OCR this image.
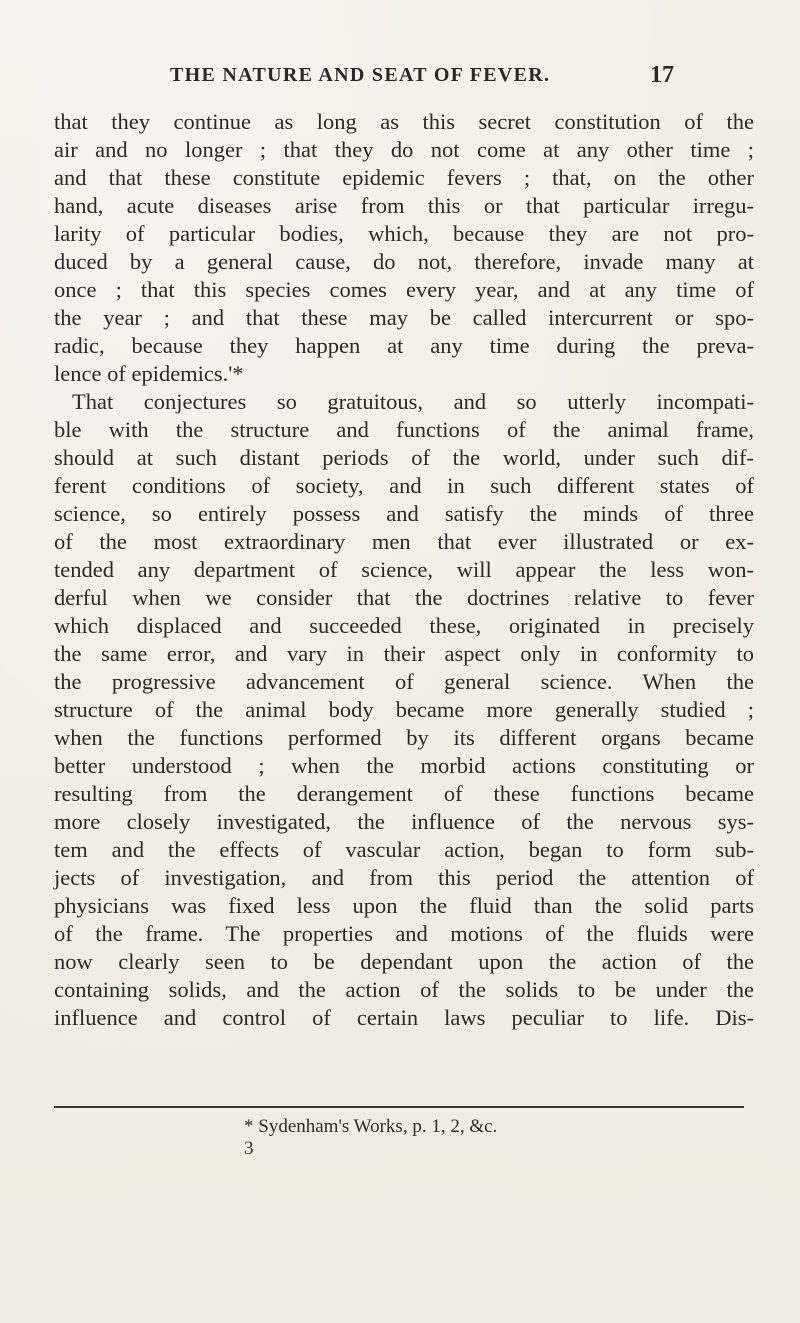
THE NATURE AND SEAT OF FEVER.	17
that they continue as long as this secret constitution of the
air and no longer ; that they do not come at any other time ;
and that these constitute epidemic fevers ; that, on the other
hand, acute diseases arise from this or that particular irregu-
larity of particular bodies, which, because they are not pro-
duced by a general cause, do not, therefore, invade many at
once ; that this species comes every year, and at any time of
the year ; and that these may be called intercurrent or spo-
radic, because they happen at any time during the preva-
lence of epidemics.'*
That conjectures so gratuitous, and so utterly incompati-
ble with the structure and functions of the animal frame,
should at such distant periods of the world, under such dif-
ferent conditions of society, and in such different states of
science, so entirely possess and satisfy the minds of three
of the most extraordinary men that ever illustrated or ex-
tended any department of science, will appear the less won-
derful when we consider that the doctrines relative to fever
which displaced and succeeded these, originated in precisely
the same error, and vary in their aspect only in conformity to
the progressive advancement of general science. When the
structure of the animal body became more generally studied ;
when the functions performed by its different organs became
better understood ; when the morbid actions constituting or
resulting from the derangement of these functions became
more closely investigated, the influence of the nervous sys-
tem and the effects of vascular action, began to form sub-
jects of investigation, and from this period the attention of
physicians was fixed less upon the fluid than the solid parts
of the frame. The properties and motions of the fluids were
now clearly seen to be dependant upon the action of the
containing solids, and the action of the solids to be under the
influence and control of certain laws peculiar to life. Dis-
* Sydenham's Works, p. 1, 2, &c.
3
